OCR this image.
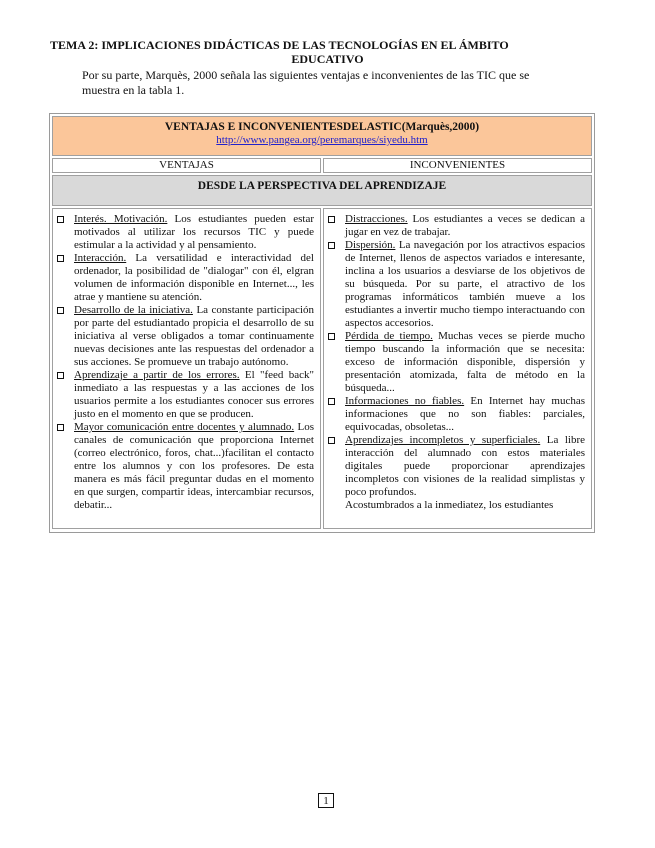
TEMA 2: IMPLICACIONES DIDÁCTICAS DE LAS TECNOLOGÍAS EN EL ÁMBITO
EDUCATIVO
Por su parte, Marquès, 2000 señala las siguientes ventajas e inconvenientes de las TIC que se muestra en la tabla 1.
VENTAJAS E INCONVENIENTESDELASTIC(Marquès,2000)
http://www.pangea.org/peremarques/siyedu.htm
VENTAJAS	INCONVENIENTES
DESDE LA PERSPECTIVA DEL APRENDIZAJE
Interés. Motivación. Los estudiantes pueden estar motivados al utilizar los recursos TIC y puede estimular a la actividad y al pensamiento.
Interacción. La versatilidad e interactividad del ordenador, la posibilidad de "dialogar" con él, elgran volumen de información disponible en Internet..., les atrae y mantiene su atención.
Desarrollo de la iniciativa. La constante participación por parte del estudiantado propicia el desarrollo de su iniciativa al verse obligados a tomar continuamente nuevas decisiones ante las respuestas del ordenador a sus acciones. Se promueve un trabajo autónomo.
Aprendizaje a partir de los errores. El "feed back" inmediato a las respuestas y a las acciones de los usuarios permite a los estudiantes conocer sus errores justo en el momento en que se producen.
Mayor comunicación entre docentes y alumnado. Los canales de comunicación que proporciona Internet (correo electrónico, foros, chat...)facilitan el contacto entre los alumnos y con los profesores. De esta manera es más fácil preguntar dudas en el momento en que surgen, compartir ideas, intercambiar recursos, debatir...
Distracciones. Los estudiantes a veces se dedican a jugar en vez de trabajar.
Dispersión. La navegación por los atractivos espacios de Internet, llenos de aspectos variados e interesante, inclina a los usuarios a desviarse de los objetivos de su búsqueda. Por su parte, el atractivo de los programas informáticos también mueve a los estudiantes a invertir mucho tiempo interactuando con aspectos accesorios.
Pérdida de tiempo. Muchas veces se pierde mucho tiempo buscando la información que se necesita: exceso de información disponible, dispersión y presentación atomizada, falta de método en la búsqueda...
Informaciones no fiables. En Internet hay muchas informaciones que no son fiables: parciales, equivocadas, obsoletas...
Aprendizajes incompletos y superficiales. La libre interacción del alumnado con estos materiales digitales puede proporcionar aprendizajes incompletos con visiones de la realidad simplistas y poco profundos.
Acostumbrados a la inmediatez, los estudiantes
1
